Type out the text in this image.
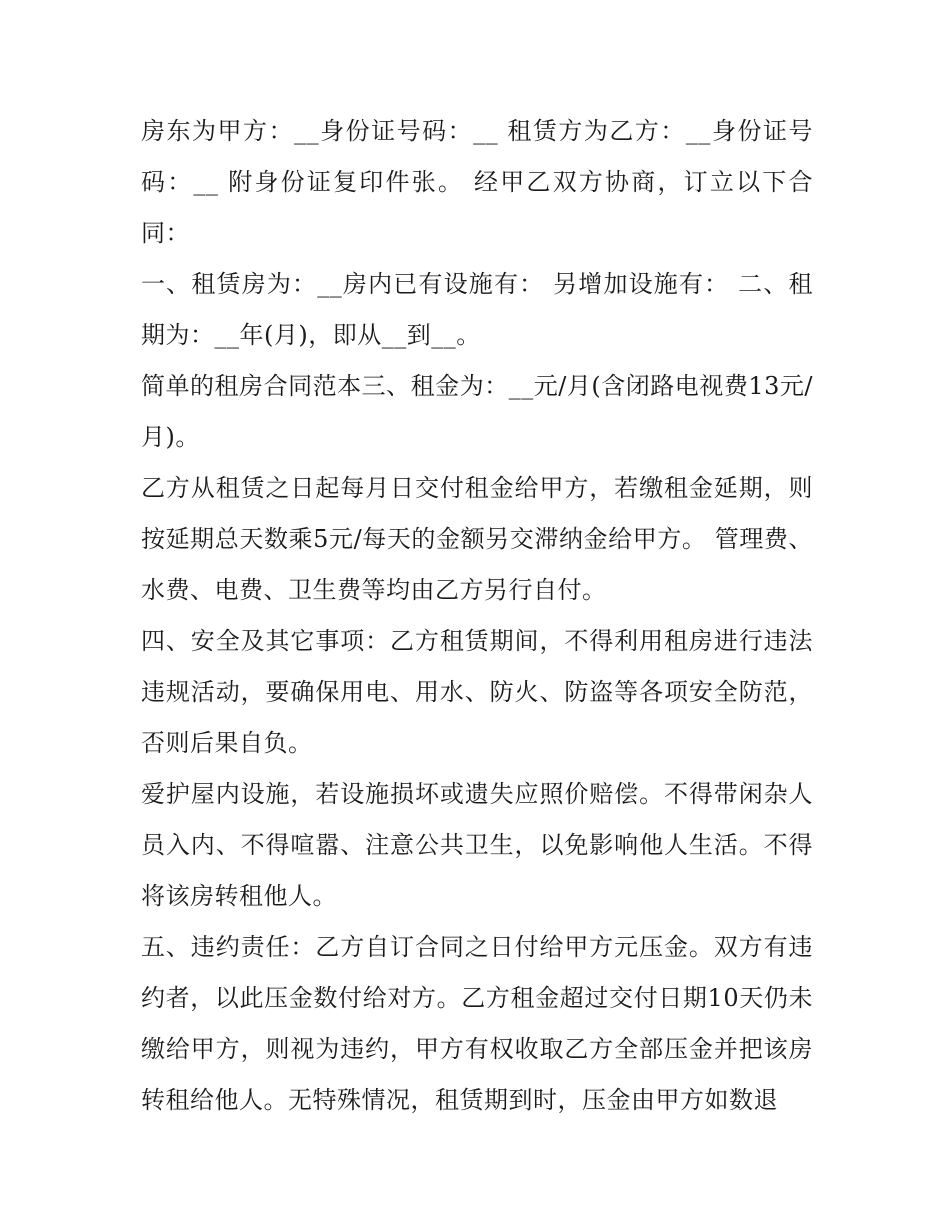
房东为甲方：__身份证号码：__ 租赁方为乙方：__身份证号码：__ 附身份证复印件张。 经甲乙双方协商，订立以下合同：

一、租赁房为：__房内已有设施有： 另增加设施有： 二、租期为：__年(月)，即从__到__。

简单的租房合同范本三、租金为：__元/月(含闭路电视费13元/月)。

乙方从租赁之日起每月日交付租金给甲方，若缴租金延期，则按延期总天数乘5元/每天的金额另交滞纳金给甲方。 管理费、水费、电费、卫生费等均由乙方另行自付。

四、安全及其它事项：乙方租赁期间，不得利用租房进行违法违规活动，要确保用电、用水、防火、防盗等各项安全防范，否则后果自负。

爱护屋内设施，若设施损坏或遗失应照价赔偿。不得带闲杂人员入内、不得喧嚣、注意公共卫生，以免影响他人生活。不得将该房转租他人。

五、违约责任：乙方自订合同之日付给甲方元压金。双方有违约者，以此压金数付给对方。乙方租金超过交付日期10天仍未缴给甲方，则视为违约，甲方有权收取乙方全部压金并把该房转租给他人。无特殊情况，租赁期到时，压金由甲方如数退
